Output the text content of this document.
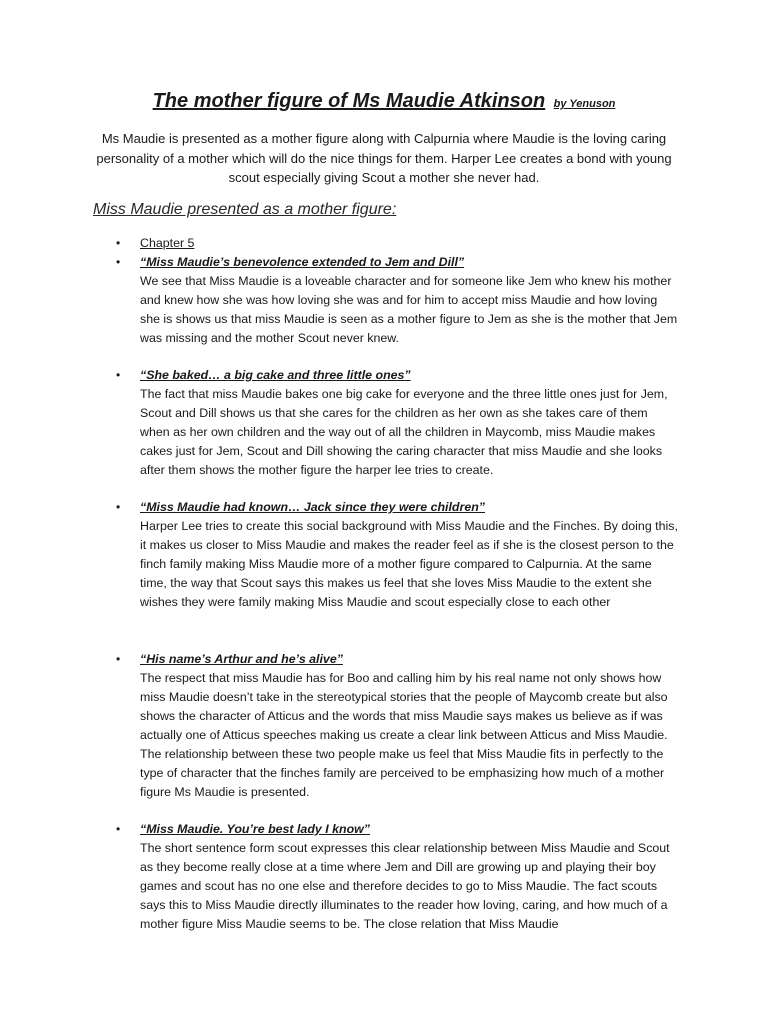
The mother figure of Ms Maudie Atkinson by Yenuson
Ms Maudie is presented as a mother figure along with Calpurnia where Maudie is the loving caring personality of a mother which will do the nice things for them. Harper Lee creates a bond with young scout especially giving Scout a mother she never had.
Miss Maudie presented as a mother figure:
• Chapter 5
• “Miss Maudie’s benevolence extended to Jem and Dill”
We see that Miss Maudie is a loveable character and for someone like Jem who knew his mother and knew how she was how loving she was and for him to accept miss Maudie and how loving she is shows us that miss Maudie is seen as a mother figure to Jem as she is the mother that Jem was missing and the mother Scout never knew.
• “She baked… a big cake and three little ones”
The fact that miss Maudie bakes one big cake for everyone and the three little ones just for Jem, Scout and Dill shows us that she cares for the children as her own as she takes care of them when as her own children and the way out of all the children in Maycomb, miss Maudie makes cakes just for Jem, Scout and Dill showing the caring character that miss Maudie and she looks after them shows the mother figure the harper lee tries to create.
• “Miss Maudie had known… Jack since they were children”
Harper Lee tries to create this social background with Miss Maudie and the Finches. By doing this, it makes us closer to Miss Maudie and makes the reader feel as if she is the closest person to the finch family making Miss Maudie more of a mother figure compared to Calpurnia. At the same time, the way that Scout says this makes us feel that she loves Miss Maudie to the extent she wishes they were family making Miss Maudie and scout especially close to each other
• “His name’s Arthur and he’s alive”
The respect that miss Maudie has for Boo and calling him by his real name not only shows how miss Maudie doesn’t take in the stereotypical stories that the people of Maycomb create but also shows the character of Atticus and the words that miss Maudie says makes us believe as if was actually one of Atticus speeches making us create a clear link between Atticus and Miss Maudie. The relationship between these two people make us feel that Miss Maudie fits in perfectly to the type of character that the finches family are perceived to be emphasizing how much of a mother figure Ms Maudie is presented.
• “Miss Maudie. You’re best lady I know”
The short sentence form scout expresses this clear relationship between Miss Maudie and Scout as they become really close at a time where Jem and Dill are growing up and playing their boy games and scout has no one else and therefore decides to go to Miss Maudie. The fact scouts says this to Miss Maudie directly illuminates to the reader how loving, caring, and how much of a mother figure Miss Maudie seems to be. The close relation that Miss Maudie
